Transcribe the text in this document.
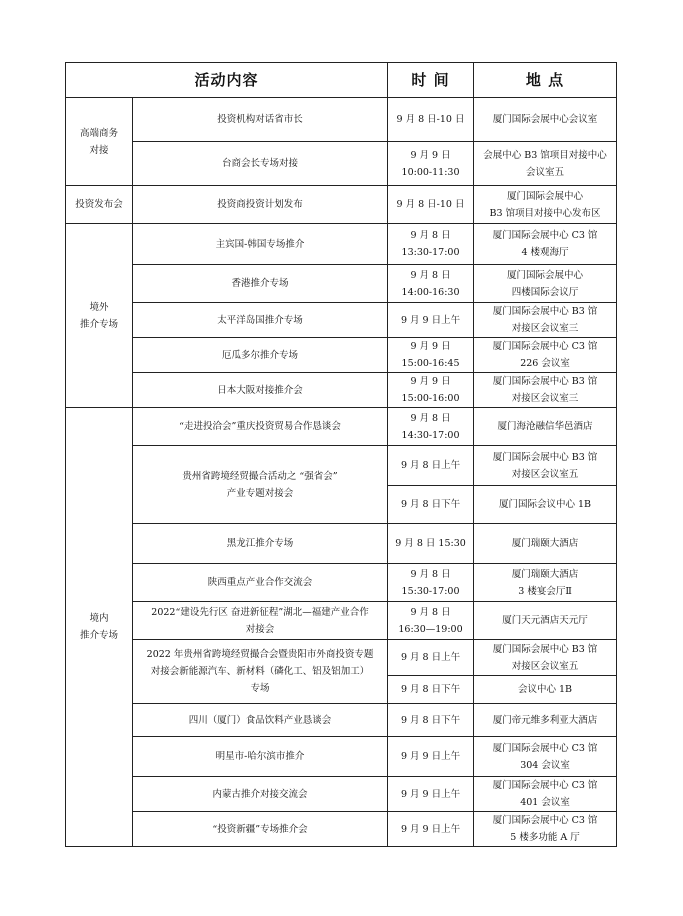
活动内容		时 间	地 点

高端商务
对接	投资机构对话省市长	9 月 8 日-10 日	厦门国际会展中心会议室

	台商会长专场对接	9 月 9 日
10:00-11:30	会展中心 B3 馆项目对接中心
会议室五

投资发布会	投资商投资计划发布	9 月 8 日-10 日	厦门国际会展中心
B3 馆项目对接中心发布区

境外
推介专场	主宾国-韩国专场推介	9 月 8 日
13:30-17:00	厦门国际会展中心 C3 馆
4 楼观海厅

	香港推介专场	9 月 8 日
14:00-16:30	厦门国际会展中心
四楼国际会议厅

	太平洋岛国推介专场	9 月 9 日上午	厦门国际会展中心 B3 馆
对接区会议室三

	厄瓜多尔推介专场	9 月 9 日
15:00-16:45	厦门国际会展中心 C3 馆
226 会议室

	日本大阪对接推介会	9 月 9 日
15:00-16:00	厦门国际会展中心 B3 馆
对接区会议室三

境内
推介专场	“走进投洽会”重庆投资贸易合作恳谈会	9 月 8 日
14:30-17:00	厦门海沧融信华邑酒店

	贵州省跨境经贸撮合活动之 “强省会”
产业专题对接会	9 月 8 日上午	厦门国际会展中心 B3 馆
对接区会议室五

		9 月 8 日下午	厦门国际会议中心 1B

	黑龙江推介专场	9 月 8 日 15:30	厦门瑞颐大酒店

	陕西重点产业合作交流会	9 月 8 日
15:30-17:00	厦门瑞颐大酒店
3 楼宴会厅Ⅱ

	2022“建设先行区 奋进新征程”湖北—福建产业合作
对接会	9 月 8 日
16:30—19:00	厦门天元酒店天元厅

	2022 年贵州省跨境经贸撮合会暨贵阳市外商投资专题
对接会新能源汽车、新材料（磷化工、铝及铝加工）
专场	9 月 8 日上午	厦门国际会展中心 B3 馆
对接区会议室五

		9 月 8 日下午	会议中心 1B

	四川（厦门）食品饮料产业恳谈会	9 月 8 日下午	厦门帝元维多利亚大酒店

	明星市-哈尔滨市推介	9 月 9 日上午	厦门国际会展中心 C3 馆
304 会议室

	内蒙古推介对接交流会	9 月 9 日上午	厦门国际会展中心 C3 馆
401 会议室

	“投资新疆”专场推介会	9 月 9 日上午	厦门国际会展中心 C3 馆
5 楼多功能 A 厅
